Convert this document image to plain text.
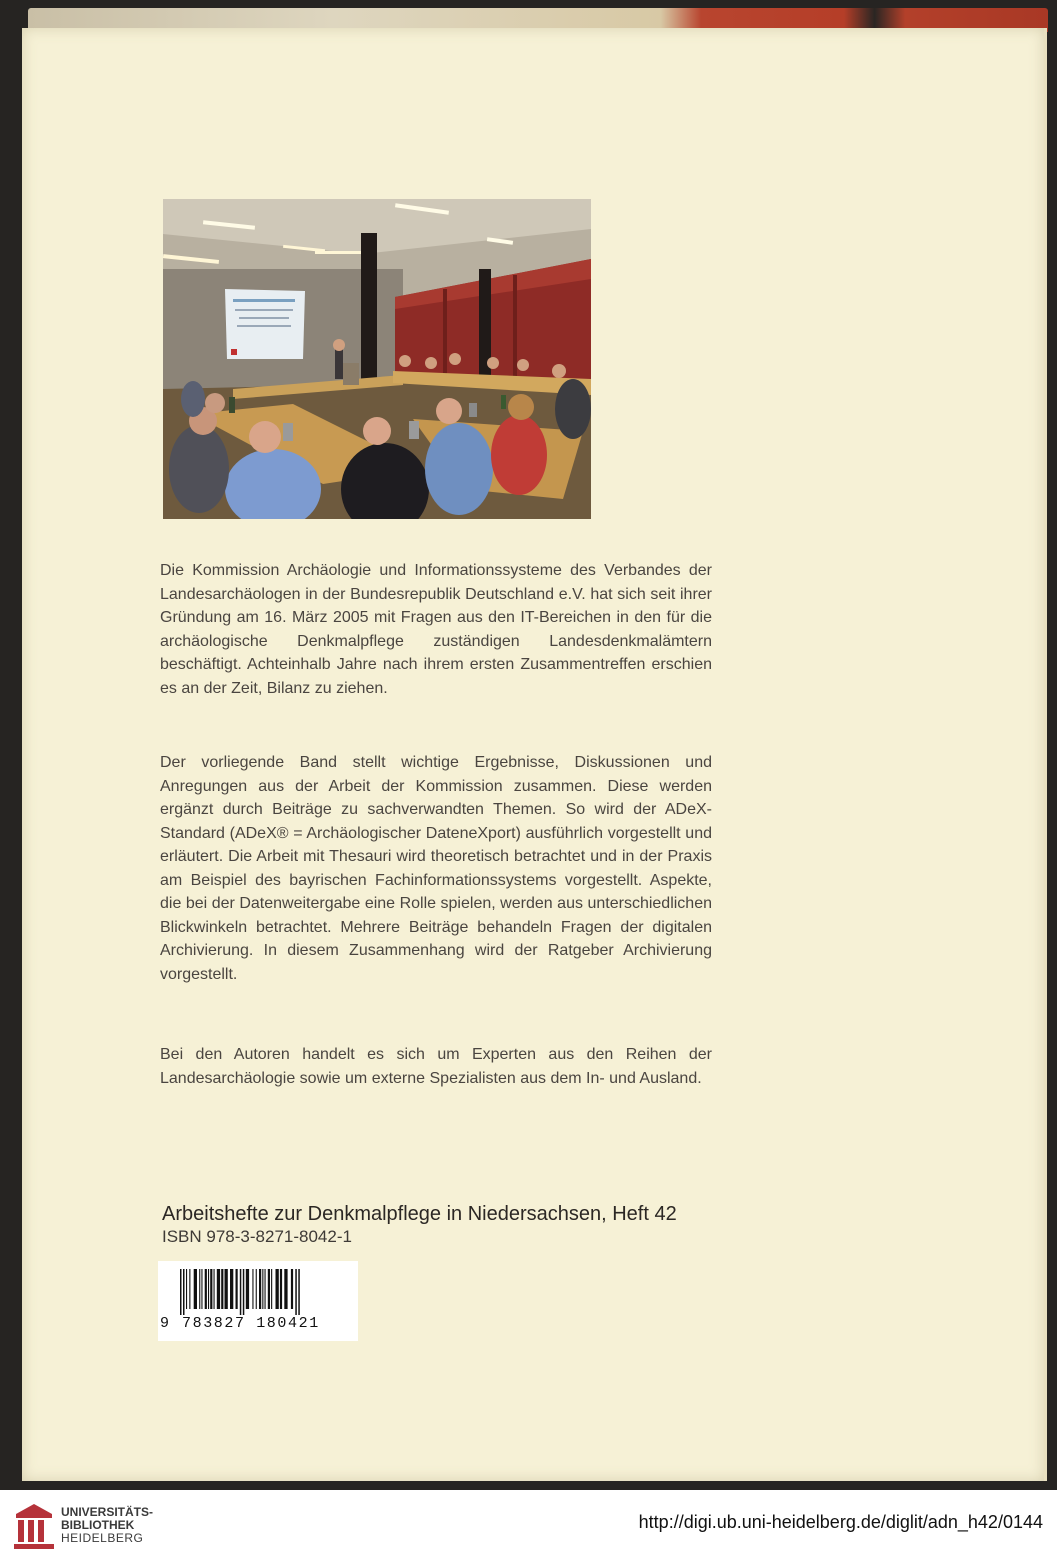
Die Kommission Archäologie und Informationssysteme des Verbandes der Landesarchäologen in der Bundesrepublik Deutschland e.V. hat sich seit ihrer Gründung am 16. März 2005 mit Fragen aus den IT-Bereichen in den für die archäologische Denkmalpflege zuständigen Landesdenkmalämtern beschäftigt. Achteinhalb Jahre nach ihrem ersten Zusammentreffen erschien es an der Zeit, Bilanz zu ziehen.
Der vorliegende Band stellt wichtige Ergebnisse, Diskussionen und Anregungen aus der Arbeit der Kommission zusammen. Diese werden ergänzt durch Beiträge zu sachverwandten Themen. So wird der ADeX-Standard (ADeX® = Archäologischer DateneXport) ausführlich vorgestellt und erläutert. Die Arbeit mit Thesauri wird theoretisch betrachtet und in der Praxis am Beispiel des bayrischen Fachinformationssystems vorgestellt. Aspekte, die bei der Datenweitergabe eine Rolle spielen, werden aus unterschiedlichen Blickwinkeln betrachtet. Mehrere Beiträge behandeln Fragen der digitalen Archivierung. In diesem Zusammenhang wird der Ratgeber Archivierung vorgestellt.
Bei den Autoren handelt es sich um Experten aus den Reihen der Landesarchäologie sowie um externe Spezialisten aus dem In- und Ausland.
Arbeitshefte zur Denkmalpflege in Niedersachsen, Heft 42
ISBN 978-3-8271-8042-1
9 783827 180421
UNIVERSITÄTS-
BIBLIOTHEK
HEIDELBERG
http://digi.ub.uni-heidelberg.de/diglit/adn_h42/0144
